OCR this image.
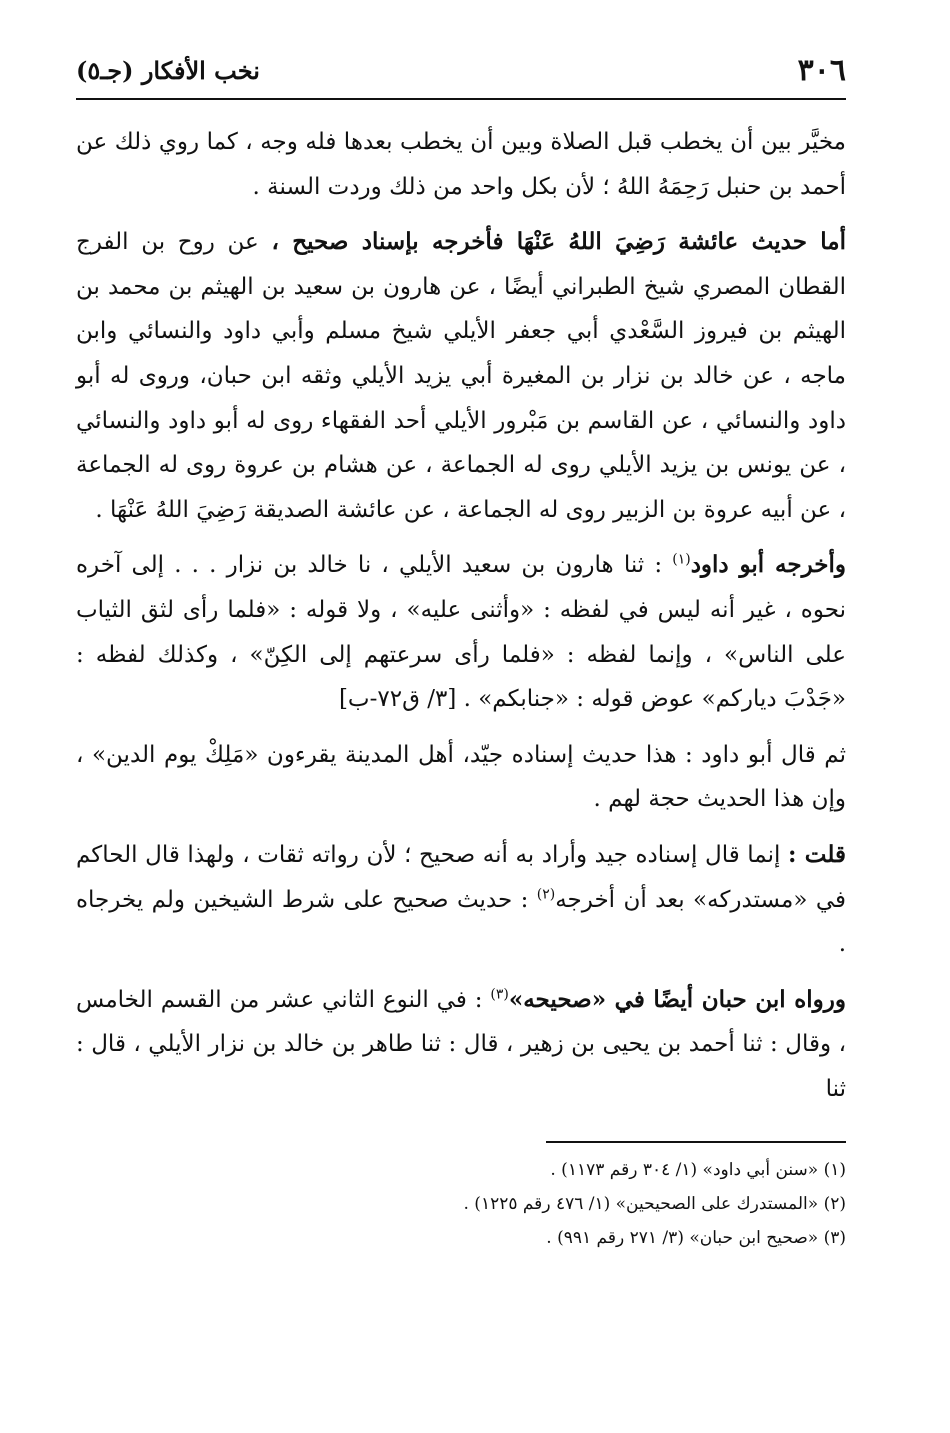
٣٠٦
نخب الأفكار (جـ٥)

مخيَّر بين أن يخطب قبل الصلاة وبين أن يخطب بعدها فله وجه ، كما روي ذلك عن أحمد بن حنبل رَحِمَهُ اللهُ ؛ لأن بكل واحد من ذلك وردت السنة .

أما حديث عائشة رَضِيَ اللهُ عَنْهَا فأخرجه بإسناد صحيح ، عن روح بن الفرج القطان المصري شيخ الطبراني أيضًا ، عن هارون بن سعيد بن الهيثم بن محمد بن الهيثم بن فيروز السَّعْدي أبي جعفر الأيلي شيخ مسلم وأبي داود والنسائي وابن ماجه ، عن خالد بن نزار بن المغيرة أبي يزيد الأيلي وثقه ابن حبان، وروى له أبو داود والنسائي ، عن القاسم بن مَبْرور الأيلي أحد الفقهاء روى له أبو داود والنسائي ، عن يونس بن يزيد الأيلي روى له الجماعة ، عن هشام بن عروة روى له الجماعة ، عن أبيه عروة بن الزبير روى له الجماعة ، عن عائشة الصديقة رَضِيَ اللهُ عَنْهَا .

وأخرجه أبو داود$^{(١)}$ : ثنا هارون بن سعيد الأيلي ، نا خالد بن نزار . . . إلى آخره نحوه ، غير أنه ليس في لفظه : «وأثنى عليه» ، ولا قوله : «فلما رأى لثق الثياب على الناس» ، وإنما لفظه : «فلما رأى سرعتهم إلى الكِنّ» ، وكذلك لفظه : «جَدْبَ دياركم» عوض قوله : «جنابكم» . [٣/ ق٧٢-ب]

ثم قال أبو داود : هذا حديث إسناده جيّد، أهل المدينة يقرءون «مَلِكْ يوم الدين» ، وإن هذا الحديث حجة لهم .

قلت : إنما قال إسناده جيد وأراد به أنه صحيح ؛ لأن رواته ثقات ، ولهذا قال الحاكم في «مستدركه» بعد أن أخرجه$^{(٢)}$ : حديث صحيح على شرط الشيخين ولم يخرجاه .

ورواه ابن حبان أيضًا في «صحيحه»$^{(٣)}$ : في النوع الثاني عشر من القسم الخامس ، وقال : ثنا أحمد بن يحيى بن زهير ، قال : ثنا طاهر بن خالد بن نزار الأيلي ، قال : ثنا

(١) «سنن أبي داود» (١/ ٣٠٤ رقم ١١٧٣) .

(٢) «المستدرك على الصحيحين» (١/ ٤٧٦ رقم ١٢٢٥) .

(٣) «صحيح ابن حبان» (٣/ ٢٧١ رقم ٩٩١) .
